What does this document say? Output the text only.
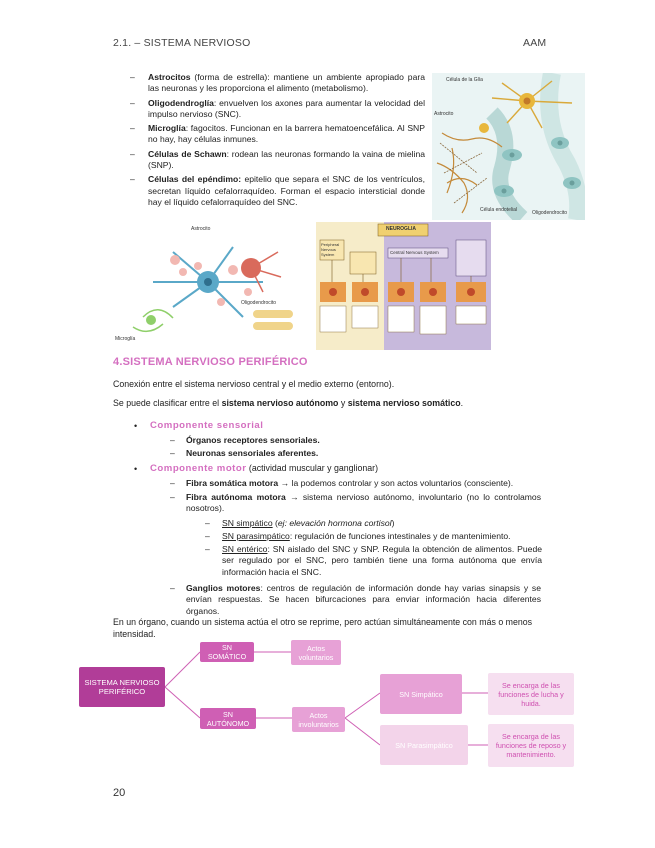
2.1. – SISTEMA NERVIOSO	AAM
– Astrocitos (forma de estrella): mantiene un ambiente apropiado para las neuronas y les proporciona el alimento (metabolismo).
– Oligodendroglía: envuelven los axones para aumentar la velocidad del impulso nervioso (SNC).
– Microglía: fagocitos. Funcionan en la barrera hematoencefálica. Al SNP no hay, hay células inmunes.
– Células de Schawn: rodean las neuronas formando la vaina de mielina (SNP).
– Células del epéndimo: epitelio que separa el SNC de los ventrículos, secretan líquido cefalorraquídeo. Forman el espacio intersticial donde hay el líquido cefalorraquídeo del SNC.
Célula de la Glía
Astrocito
Célula endotelial	Oligodendrocito
Microglía
Astrocito
Oligodendrocito
NEUROGLIA
Central Nervous System
Peripheral Nervous System
4.SISTEMA NERVIOSO PERIFÉRICO
Conexión entre el sistema nervioso central y el medio externo (entorno).
Se puede clasificar entre el sistema nervioso autónomo y sistema nervioso somático.
• Componente sensorial
– Órganos receptores sensoriales.
– Neuronas sensoriales aferentes.
• Componente motor (actividad muscular y ganglionar)
– Fibra somática motora → la podemos controlar y son actos voluntarios (consciente).
– Fibra autónoma motora → sistema nervioso autónomo, involuntario (no lo controlamos nosotros).
– SN simpático (ej: elevación hormona cortisol)
– SN parasimpático: regulación de funciones intestinales y de mantenimiento.
– SN entérico: SN aislado del SNC y SNP. Regula la obtención de alimentos. Puede ser regulado por el SNC, pero también tiene una forma autónoma que envía información hacia el SNC.
– Ganglios motores: centros de regulación de información donde hay varias sinapsis y se envían respuestas. Se hacen bifurcaciones para enviar información hacia diferentes órganos.
En un órgano, cuando un sistema actúa el otro se reprime, pero actúan simultáneamente con más o menos intensidad.
SISTEMA NERVIOSO PERIFÉRICO
SN SOMÁTICO
Actos voluntarios
SN AUTÓNOMO
Actos involuntarios
SN Simpático
Se encarga de las funciones de lucha y huida.
SN Parasimpático
Se encarga de las funciones de reposo y mantenimiento.
20
